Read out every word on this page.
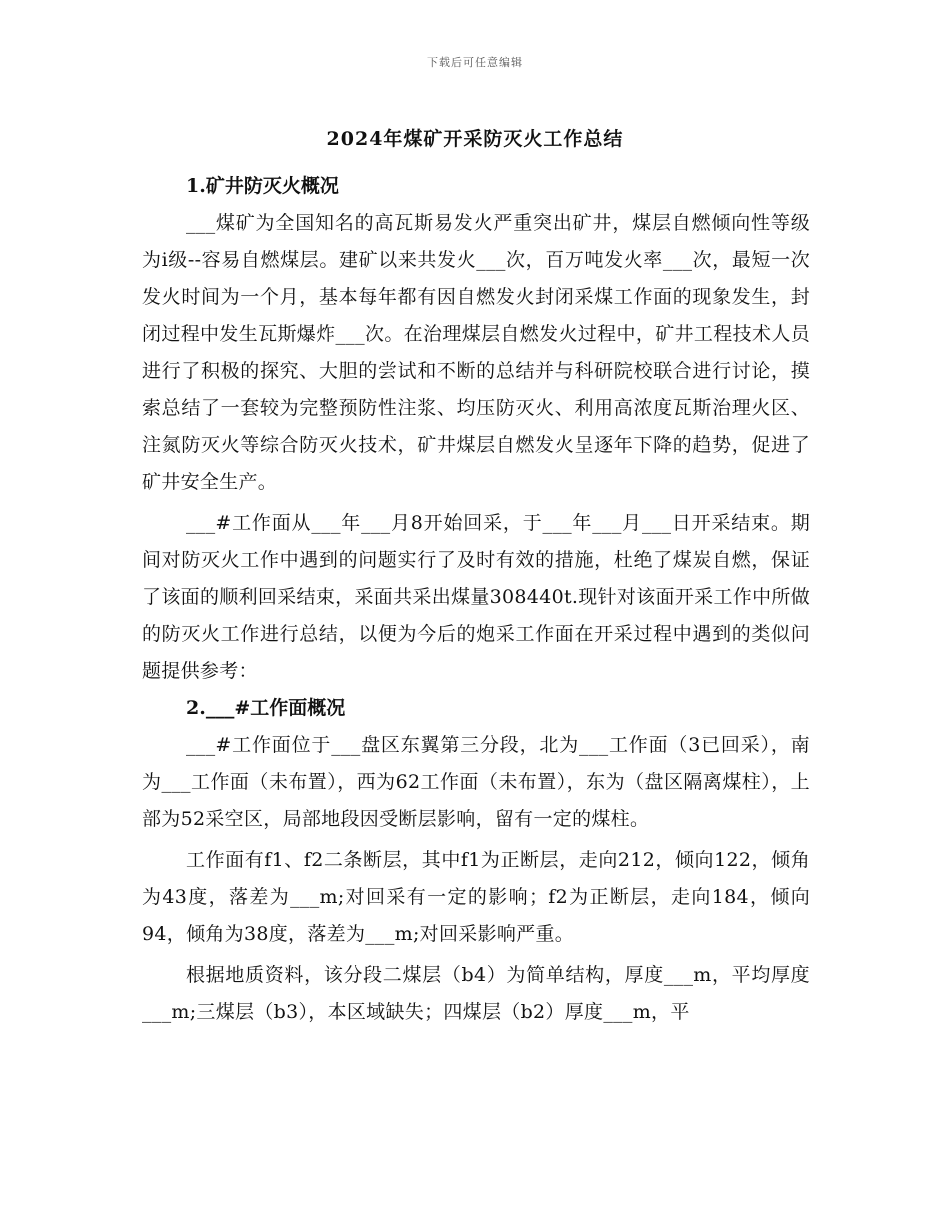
下载后可任意编辑
2024年煤矿开采防灭火工作总结

1.矿井防灭火概况

___煤矿为全国知名的高瓦斯易发火严重突出矿井，煤层自燃倾向性等级为i级--容易自燃煤层。建矿以来共发火___次，百万吨发火率___次，最短一次发火时间为一个月，基本每年都有因自燃发火封闭采煤工作面的现象发生，封闭过程中发生瓦斯爆炸___次。在治理煤层自燃发火过程中，矿井工程技术人员进行了积极的探究、大胆的尝试和不断的总结并与科研院校联合进行讨论，摸索总结了一套较为完整预防性注浆、均压防灭火、利用高浓度瓦斯治理火区、注氮防灭火等综合防灭火技术，矿井煤层自燃发火呈逐年下降的趋势，促进了矿井安全生产。

___#工作面从___年___月8开始回采，于___年___月___日开采结束。期间对防灭火工作中遇到的问题实行了及时有效的措施，杜绝了煤炭自燃，保证了该面的顺利回采结束，采面共采出煤量308440t.现针对该面开采工作中所做的防灭火工作进行总结，以便为今后的炮采工作面在开采过程中遇到的类似问题提供参考：

2.___#工作面概况

___#工作面位于___盘区东翼第三分段，北为___工作面（3已回采），南为___工作面（未布置），西为62工作面（未布置），东为（盘区隔离煤柱），上部为52采空区，局部地段因受断层影响，留有一定的煤柱。

工作面有f1、f2二条断层，其中f1为正断层，走向212，倾向122，倾角为43度，落差为___m;对回采有一定的影响；f2为正断层，走向184，倾向94，倾角为38度，落差为___m;对回采影响严重。

根据地质资料，该分段二煤层（b4）为简单结构，厚度___m，平均厚度___m;三煤层（b3），本区域缺失；四煤层（b2）厚度___m，平
